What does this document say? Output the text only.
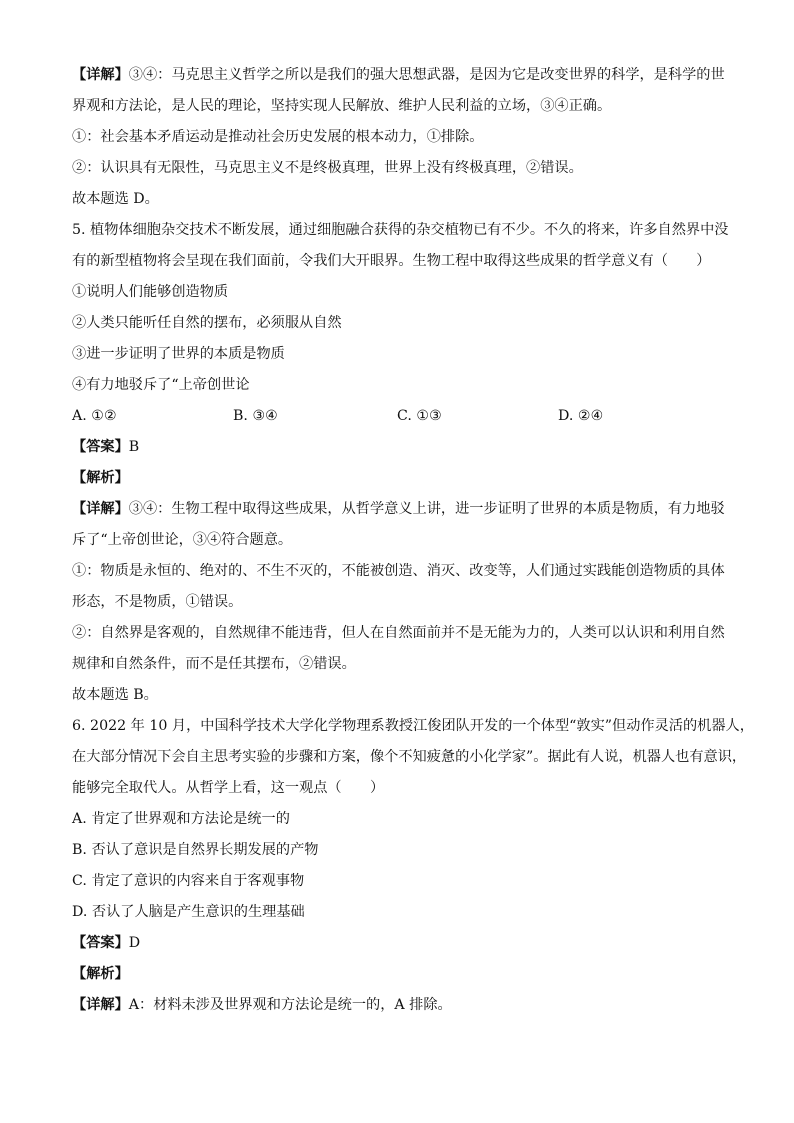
【详解】③④：马克思主义哲学之所以是我们的强大思想武器，是因为它是改变世界的科学，是科学的世
界观和方法论，是人民的理论，坚持实现人民解放、维护人民利益的立场，③④正确。
①：社会基本矛盾运动是推动社会历史发展的根本动力，①排除。
②：认识具有无限性，马克思主义不是终极真理，世界上没有终极真理，②错误。
故本题选 D。
5. 植物体细胞杂交技术不断发展，通过细胞融合获得的杂交植物已有不少。不久的将来，许多自然界中没
有的新型植物将会呈现在我们面前，令我们大开眼界。生物工程中取得这些成果的哲学意义有（　　）
①说明人们能够创造物质
②人类只能听任自然的摆布，必须服从自然
③进一步证明了世界的本质是物质
④有力地驳斥了“上帝创世论
A. ①②	B. ③④	C. ①③	D. ②④
【答案】B
【解析】
【详解】③④：生物工程中取得这些成果，从哲学意义上讲，进一步证明了世界的本质是物质，有力地驳
斥了“上帝创世论，③④符合题意。
①：物质是永恒的、绝对的、不生不灭的，不能被创造、消灭、改变等，人们通过实践能创造物质的具体
形态，不是物质，①错误。
②：自然界是客观的，自然规律不能违背，但人在自然面前并不是无能为力的，人类可以认识和利用自然
规律和自然条件，而不是任其摆布，②错误。
故本题选 B。
6. 2022 年 10 月，中国科学技术大学化学物理系教授江俊团队开发的一个体型“敦实”但动作灵活的机器人，
在大部分情况下会自主思考实验的步骤和方案，像个不知疲惫的小化学家”。据此有人说，机器人也有意识，
能够完全取代人。从哲学上看，这一观点（　　）
A. 肯定了世界观和方法论是统一的
B. 否认了意识是自然界长期发展的产物
C. 肯定了意识的内容来自于客观事物
D. 否认了人脑是产生意识的生理基础
【答案】D
【解析】
【详解】A：材料未涉及世界观和方法论是统一的，A 排除。
